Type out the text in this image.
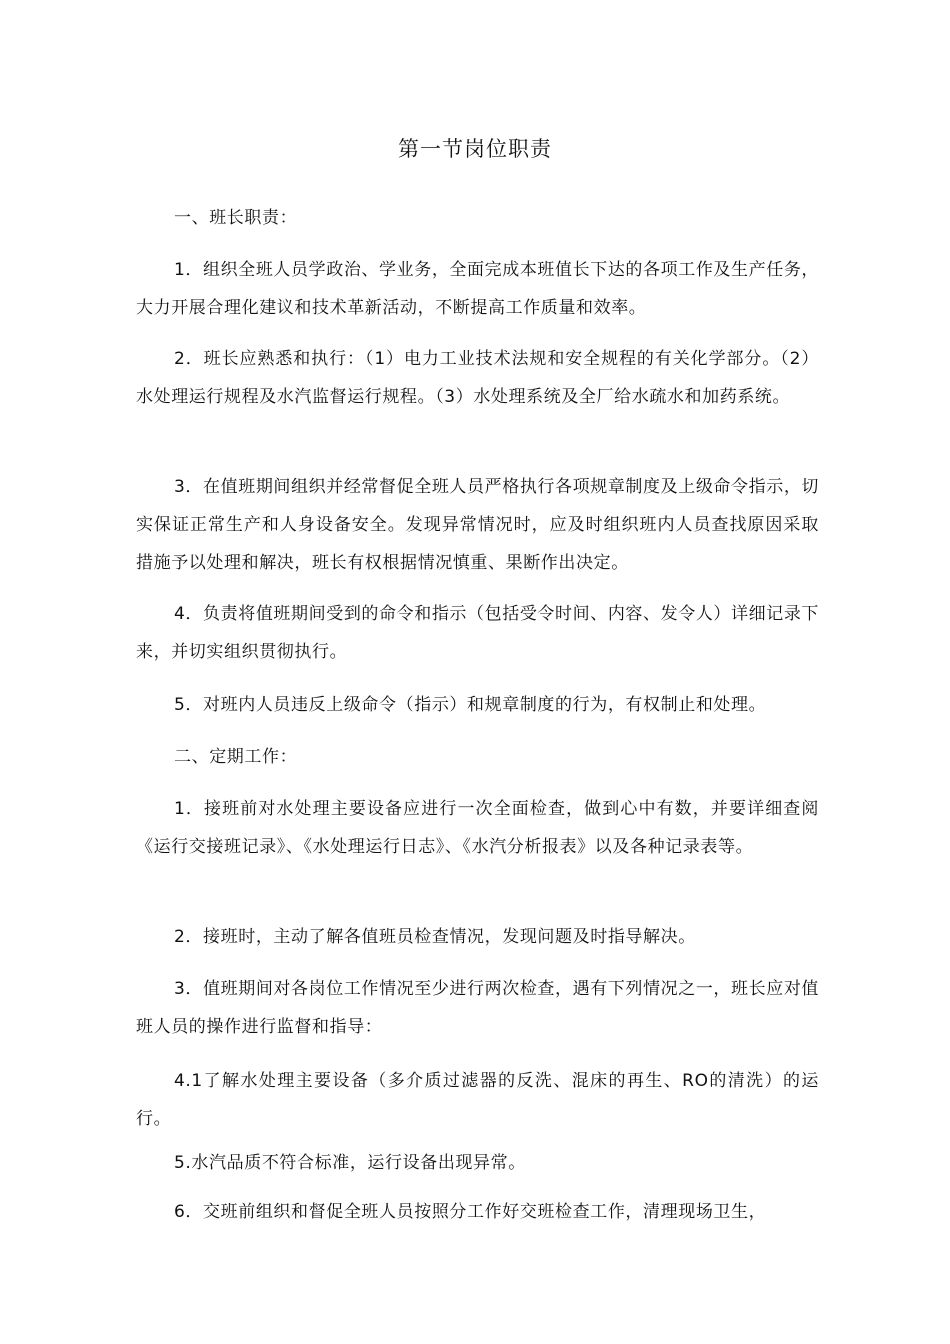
第一节岗位职责
一、班长职责：
1．组织全班人员学政治、学业务，全面完成本班值长下达的各项工作及生产任务，大力开展合理化建议和技术革新活动，不断提高工作质量和效率。
2．班长应熟悉和执行：（1）电力工业技术法规和安全规程的有关化学部分。（2）水处理运行规程及水汽监督运行规程。（3）水处理系统及全厂给水疏水和加药系统。
3．在值班期间组织并经常督促全班人员严格执行各项规章制度及上级命令指示，切实保证正常生产和人身设备安全。发现异常情况时，应及时组织班内人员查找原因采取措施予以处理和解决，班长有权根据情况慎重、果断作出决定。
4．负责将值班期间受到的命令和指示（包括受令时间、内容、发令人）详细记录下来，并切实组织贯彻执行。
5．对班内人员违反上级命令（指示）和规章制度的行为，有权制止和处理。
二、定期工作：
1．接班前对水处理主要设备应进行一次全面检查，做到心中有数，并要详细查阅《运行交接班记录》、《水处理运行日志》、《水汽分析报表》以及各种记录表等。
2．接班时，主动了解各值班员检查情况，发现问题及时指导解决。
3．值班期间对各岗位工作情况至少进行两次检查，遇有下列情况之一，班长应对值班人员的操作进行监督和指导：
4.1了解水处理主要设备（多介质过滤器的反洗、混床的再生、RO的清洗）的运行。
5.水汽品质不符合标准，运行设备出现异常。
6．交班前组织和督促全班人员按照分工作好交班检查工作，清理现场卫生，
